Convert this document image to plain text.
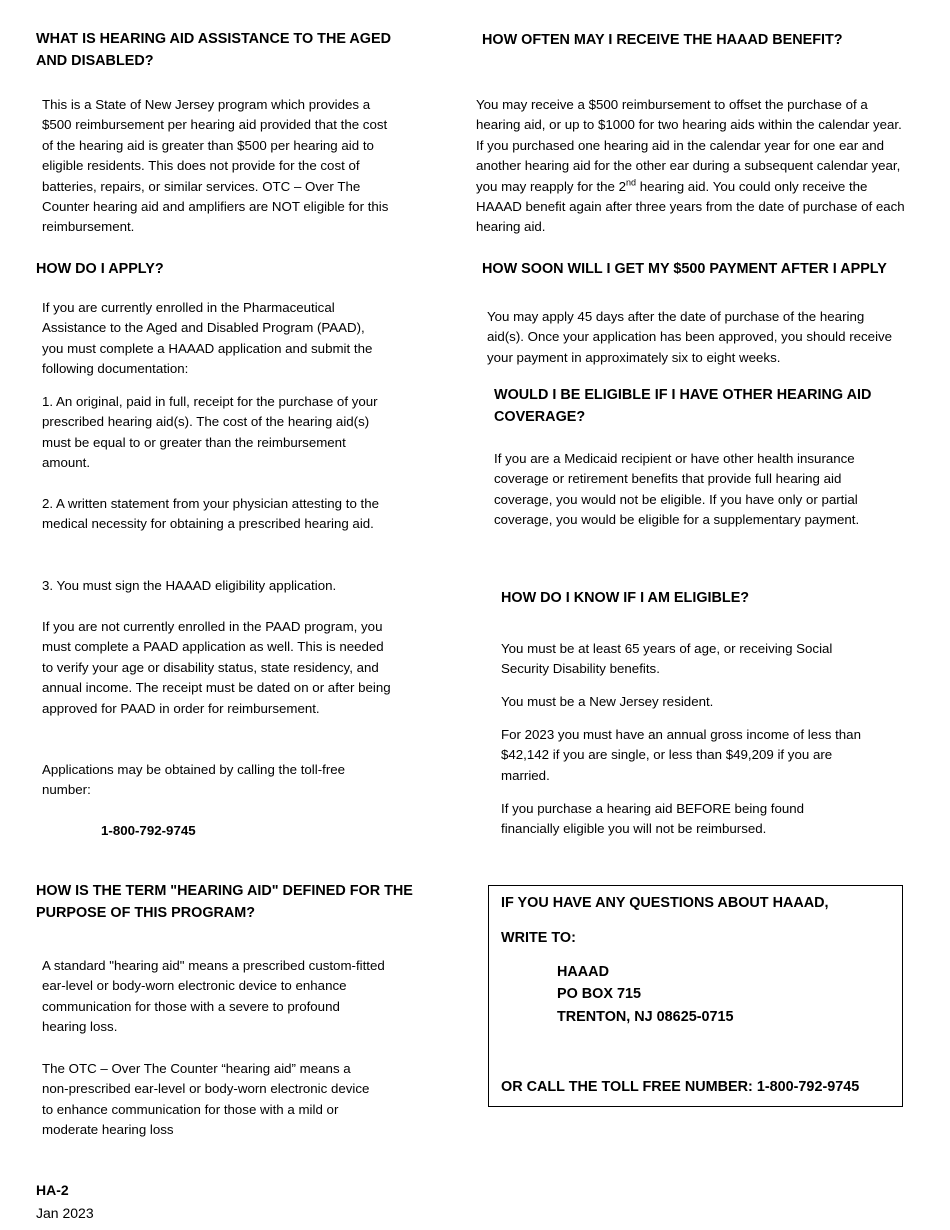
WHAT IS HEARING AID ASSISTANCE TO THE AGED AND DISABLED?

This is a State of New Jersey program which provides a $500 reimbursement per hearing aid provided that the cost of the hearing aid is greater than $500 per hearing aid to eligible residents. This does not provide for the cost of batteries, repairs, or similar services. OTC – Over The Counter hearing aid and amplifiers are NOT eligible for this reimbursement.

HOW DO I APPLY?

If you are currently enrolled in the Pharmaceutical Assistance to the Aged and Disabled Program (PAAD), you must complete a HAAAD application and submit the following documentation:

1. An original, paid in full, receipt for the purchase of your prescribed hearing aid(s). The cost of the hearing aid(s) must be equal to or greater than the reimbursement amount.

2. A written statement from your physician attesting to the medical necessity for obtaining a prescribed hearing aid.

3. You must sign the HAAAD eligibility application.

If you are not currently enrolled in the PAAD program, you must complete a PAAD application as well. This is needed to verify your age or disability status, state residency, and annual income. The receipt must be dated on or after being approved for PAAD in order for reimbursement.

Applications may be obtained by calling the toll-free number:

1-800-792-9745

HOW IS THE TERM "HEARING AID" DEFINED FOR THE PURPOSE OF THIS PROGRAM?

A standard "hearing aid" means a prescribed custom-fitted ear-level or body-worn electronic device to enhance communication for those with a severe to profound hearing loss.

The OTC – Over The Counter “hearing aid” means a non-prescribed ear-level or body-worn electronic device to enhance communication for those with a mild or moderate hearing loss

HA-2

Jan 2023

HOW OFTEN MAY I RECEIVE THE HAAAD BENEFIT?

You may receive a $500 reimbursement to offset the purchase of a hearing aid, or up to $1000 for two hearing aids within the calendar year. If you purchased one hearing aid in the calendar year for one ear and another hearing aid for the other ear during a subsequent calendar year, you may reapply for the 2nd hearing aid. You could only receive the HAAAD benefit again after three years from the date of purchase of each hearing aid.

HOW SOON WILL I GET MY $500 PAYMENT AFTER I APPLY

You may apply 45 days after the date of purchase of the hearing aid(s). Once your application has been approved, you should receive your payment in approximately six to eight weeks.

WOULD I BE ELIGIBLE IF I HAVE OTHER HEARING AID COVERAGE?

If you are a Medicaid recipient or have other health insurance coverage or retirement benefits that provide full hearing aid coverage, you would not be eligible. If you have only or partial coverage, you would be eligible for a supplementary payment.

HOW DO I KNOW IF I AM ELIGIBLE?

You must be at least 65 years of age, or receiving Social Security Disability benefits.

You must be a New Jersey resident.

For 2023 you must have an annual gross income of less than $42,142 if you are single, or less than $49,209 if you are married.

If you purchase a hearing aid BEFORE being found financially eligible you will not be reimbursed.

IF YOU HAVE ANY QUESTIONS ABOUT HAAAD,

WRITE TO:

HAAAD
PO BOX 715
TRENTON, NJ 08625-0715

OR CALL THE TOLL FREE NUMBER: 1-800-792-9745
